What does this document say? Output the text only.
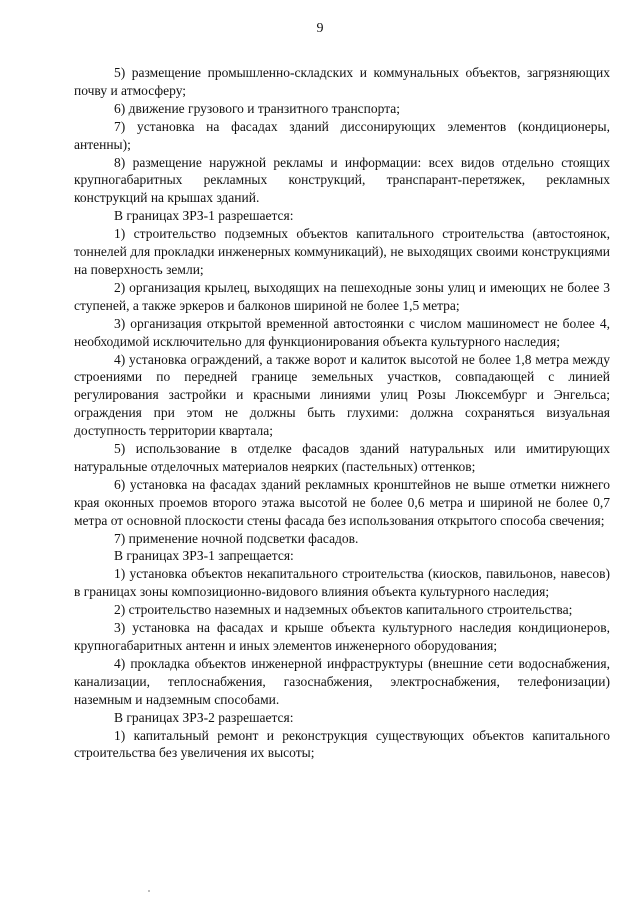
9

5) размещение промышленно-складских и коммунальных объектов, загрязняющих почву и атмосферу;

6) движение грузового и транзитного транспорта;

7) установка на фасадах зданий диссонирующих элементов (кондиционеры, антенны);

8) размещение наружной рекламы и информации: всех видов отдельно стоящих крупногабаритных рекламных конструкций, транспарант-перетяжек, рекламных конструкций на крышах зданий.

В границах ЗРЗ-1 разрешается:

1) строительство подземных объектов капитального строительства (автостоянок, тоннелей для прокладки инженерных коммуникаций), не выходящих своими конструкциями на поверхность земли;

2) организация крылец, выходящих на пешеходные зоны улиц и имеющих не более 3 ступеней, а также эркеров и балконов шириной не более 1,5 метра;

3) организация открытой временной автостоянки с числом машиномест не более 4, необходимой исключительно для функционирования объекта культурного наследия;

4) установка ограждений, а также ворот и калиток высотой не более 1,8 метра между строениями по передней границе земельных участков, совпадающей с линией регулирования застройки и красными линиями улиц Розы Люксембург и Энгельса; ограждения при этом не должны быть глухими: должна сохраняться визуальная доступность территории квартала;

5) использование в отделке фасадов зданий натуральных или имитирующих натуральные отделочных материалов неярких (пастельных) оттенков;

6) установка на фасадах зданий рекламных кронштейнов не выше отметки нижнего края оконных проемов второго этажа высотой не более 0,6 метра и шириной не более 0,7 метра от основной плоскости стены фасада без использования открытого способа свечения;

7) применение ночной подсветки фасадов.

В границах ЗРЗ-1 запрещается:

1) установка объектов некапитального строительства (киосков, павильонов, навесов) в границах зоны композиционно-видового влияния объекта культурного наследия;

2) строительство наземных и надземных объектов капитального строительства;

3) установка на фасадах и крыше объекта культурного наследия кондиционеров, крупногабаритных антенн и иных элементов инженерного оборудования;

4) прокладка объектов инженерной инфраструктуры (внешние сети водоснабжения, канализации, теплоснабжения, газоснабжения, электроснабжения, телефонизации) наземным и надземным способами.

В границах ЗРЗ-2 разрешается:

1) капитальный ремонт и реконструкция существующих объектов капитального строительства без увеличения их высоты;
